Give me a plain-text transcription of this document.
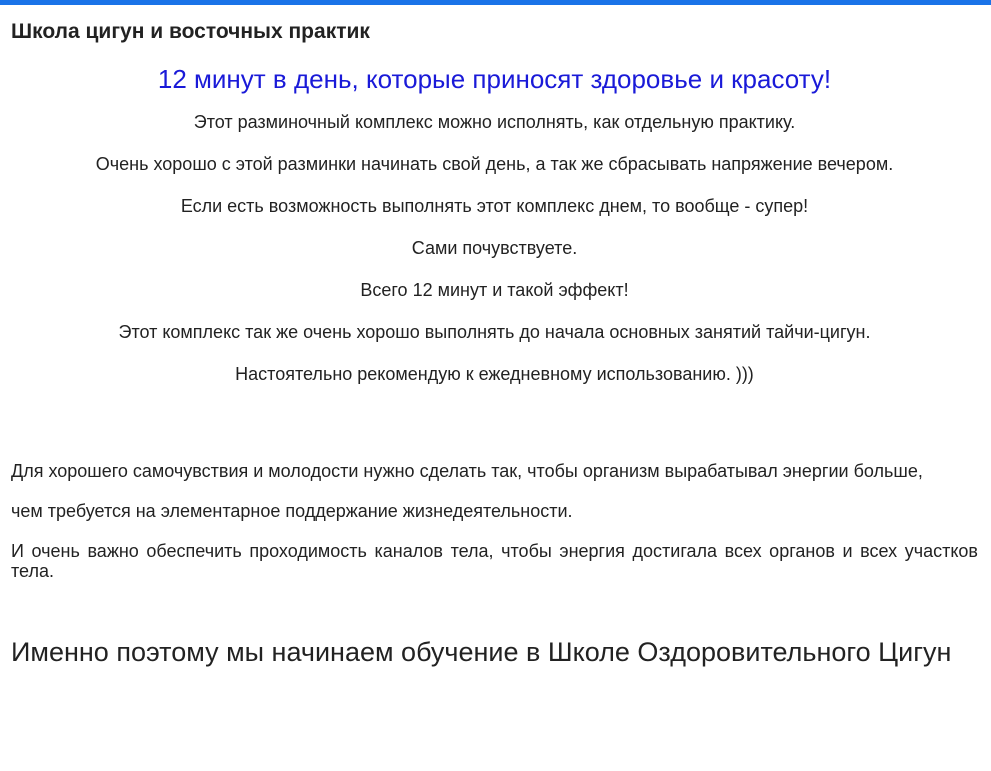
Школа цигун и восточных практик
12 минут в день, которые приносят здоровье и красоту!

Этот разминочный комплекс можно исполнять, как отдельную практику.

Очень хорошо с этой разминки начинать свой день, а так же сбрасывать напряжение вечером.

Если есть возможность выполнять этот комплекс днем, то вообще - супер!

Сами почувствуете.

Всего 12 минут и такой эффект!

Этот комплекс так же очень хорошо выполнять до начала основных занятий тайчи-цигун.

Настоятельно рекомендую к ежедневному использованию. )))

Для хорошего самочувствия и молодости нужно сделать так, чтобы организм вырабатывал энергии больше,

чем требуется на элементарное поддержание жизнедеятельности.

И очень важно обеспечить проходимость каналов тела, чтобы энергия достигала всех органов и всех участков тела.

Именно поэтому мы начинаем обучение в Школе Оздоровительного Цигун
